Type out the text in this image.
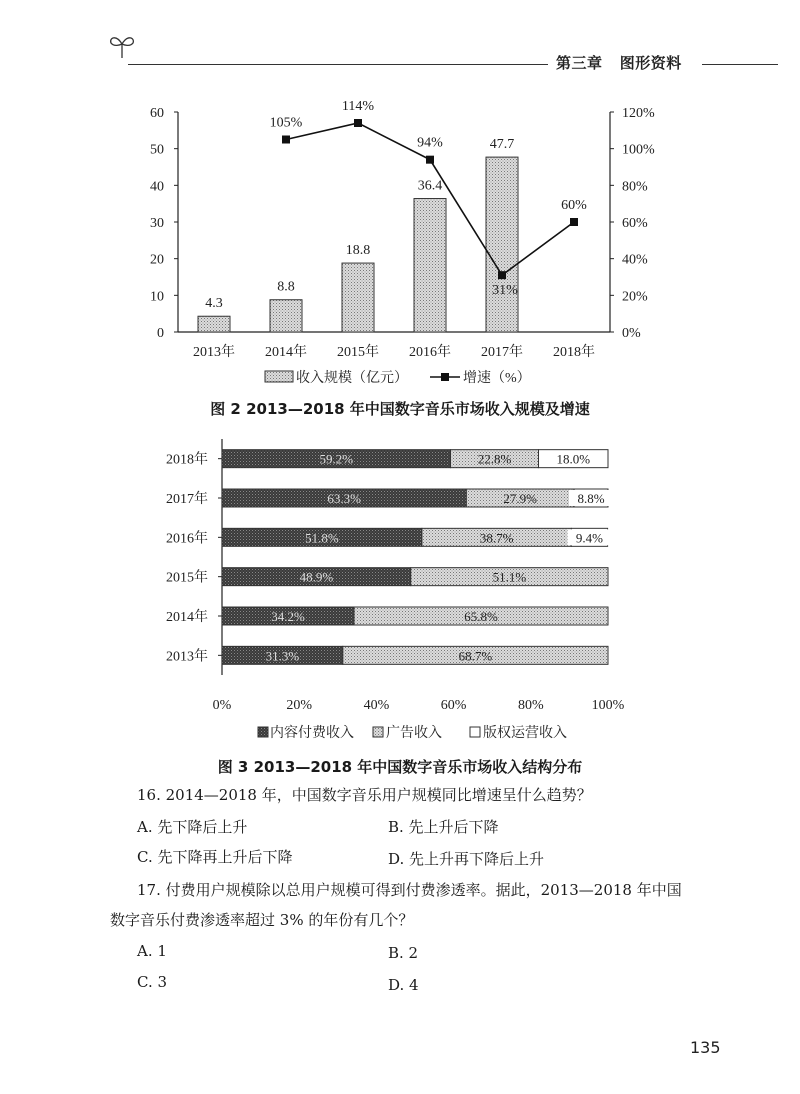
第三章 图形资料
0
10
20
30
40
50
60
0%
20%
40%
60%
80%
100%
120%
2013年 2014年 2015年 2016年 2017年 2018年
4.3
8.8
18.8
36.4
47.7
105%
114%
94%
31%
60%
收入规模（亿元）	增速（%）
图 2 2013—2018 年中国数字音乐市场收入规模及增速
2018年
2017年
2016年
2015年
2014年
2013年
0%	20%	40%	60%	80%	100%
59.2%	22.8%	18.0%
63.3%	27.9%	8.8%
51.8%	38.7%	9.4%
48.9%	51.1%
34.2%	65.8%
31.3%	68.7%
内容付费收入 广告收入	版权运营收入
图 3 2013—2018 年中国数字音乐市场收入结构分布
16. 2014—2018 年，中国数字音乐用户规模同比增速呈什么趋势？
A. 先下降后上升	B. 先上升后下降
C. 先下降再上升后下降	D. 先上升再下降后上升
17. 付费用户规模除以总用户规模可得到付费渗透率。据此，2013—2018 年中国
数字音乐付费渗透率超过 3% 的年份有几个？
A. 1	B. 2
C. 3	D. 4
135
